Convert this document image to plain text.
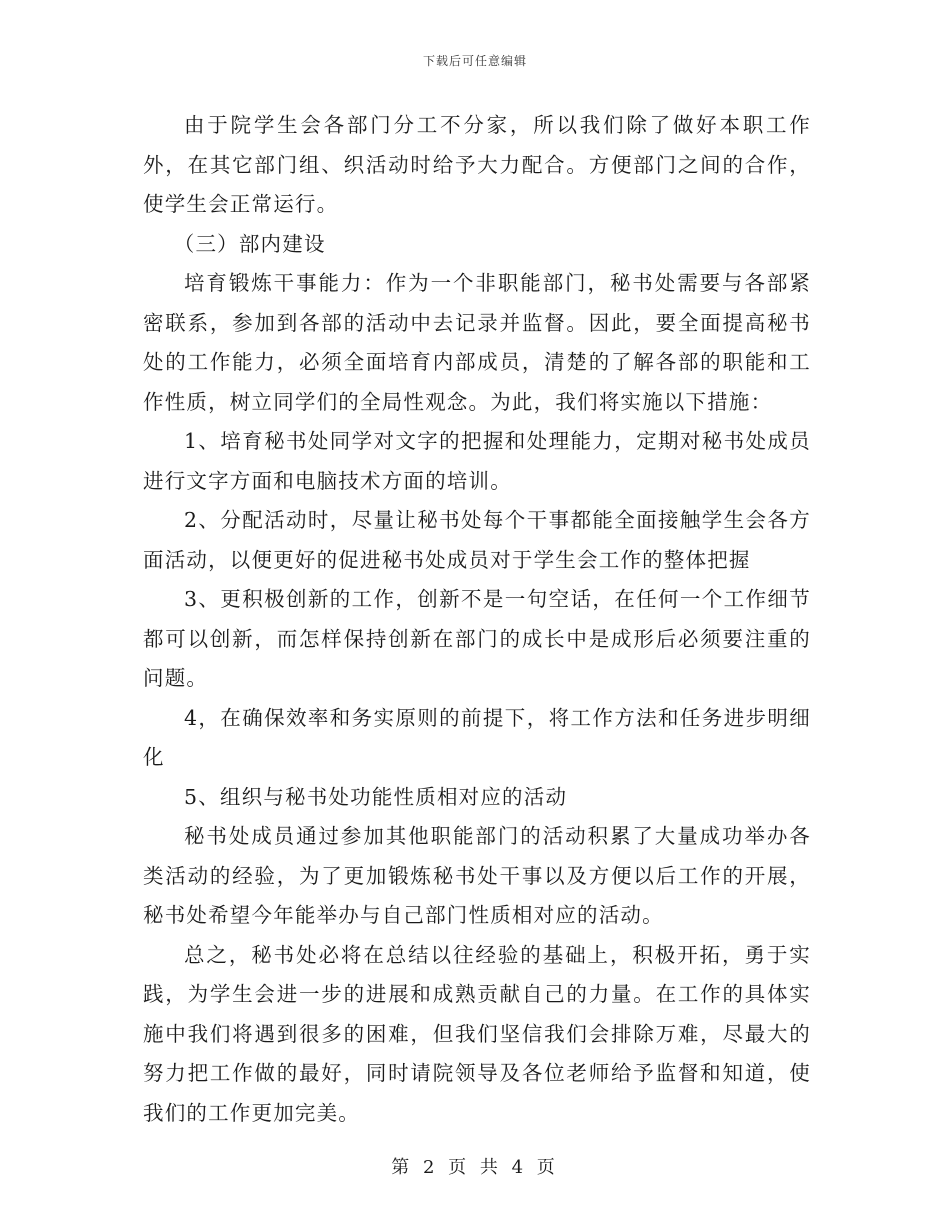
下载后可任意编辑

由于院学生会各部门分工不分家，所以我们除了做好本职工作外，在其它部门组、织活动时给予大力配合。方便部门之间的合作，使学生会正常运行。

（三）部内建设

培育锻炼干事能力：作为一个非职能部门，秘书处需要与各部紧密联系，参加到各部的活动中去记录并监督。因此，要全面提高秘书处的工作能力，必须全面培育内部成员，清楚的了解各部的职能和工作性质，树立同学们的全局性观念。为此，我们将实施以下措施：

1、培育秘书处同学对文字的把握和处理能力，定期对秘书处成员进行文字方面和电脑技术方面的培训。

2、分配活动时，尽量让秘书处每个干事都能全面接触学生会各方面活动，以便更好的促进秘书处成员对于学生会工作的整体把握

3、更积极创新的工作，创新不是一句空话，在任何一个工作细节都可以创新，而怎样保持创新在部门的成长中是成形后必须要注重的问题。

4，在确保效率和务实原则的前提下，将工作方法和任务进步明细化

5、组织与秘书处功能性质相对应的活动

秘书处成员通过参加其他职能部门的活动积累了大量成功举办各类活动的经验，为了更加锻炼秘书处干事以及方便以后工作的开展，秘书处希望今年能举办与自己部门性质相对应的活动。

总之，秘书处必将在总结以往经验的基础上，积极开拓，勇于实践，为学生会进一步的进展和成熟贡献自己的力量。在工作的具体实施中我们将遇到很多的困难，但我们坚信我们会排除万难，尽最大的努力把工作做的最好，同时请院领导及各位老师给予监督和知道，使我们的工作更加完美。

第 2 页 共 4 页
